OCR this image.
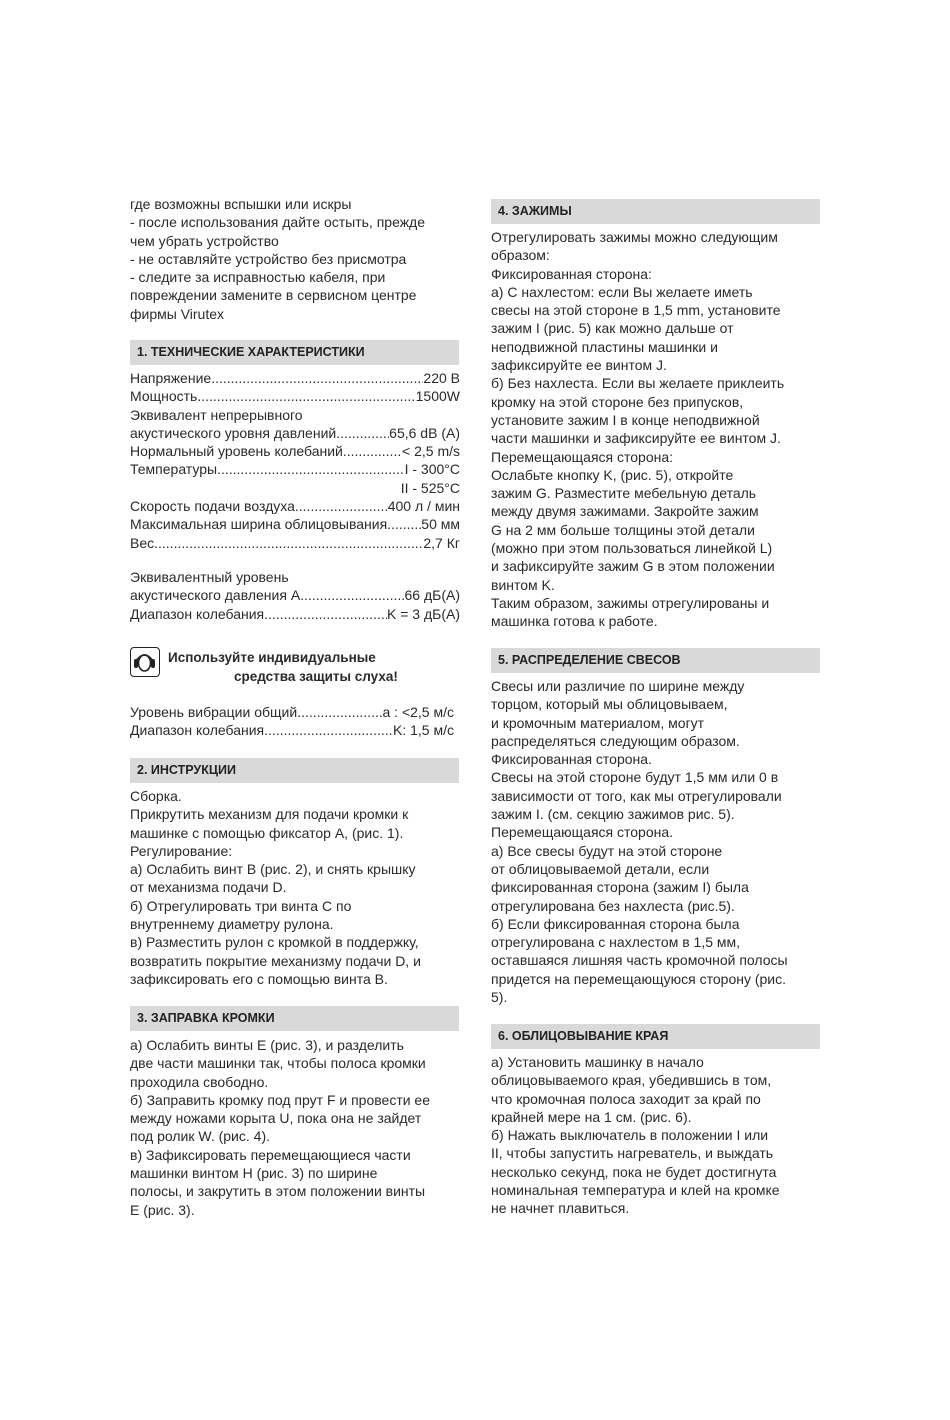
где возможны вспышки или искры
- после использования дайте остыть, прежде
чем убрать устройство
- не оставляйте устройство без присмотра
- следите за исправностью кабеля, при
повреждении замените в сервисном центре
фирмы Virutex
1. ТЕХНИЧЕСКИЕ ХАРАКТЕРИСТИКИ
Напряжение .....	220 В
Мощность .....	1500W
Эквивалент непрерывного
акустического уровня давлений .....	65,6 dB (A)
Нормальный уровень колебаний .....	< 2,5 m/s
Температуры .....	I - 300°C
II - 525°C
Скорость подачи воздуха .....	400 л / мин
Максимальная ширина облицовывания ..... 50 мм
Вес .....	2,7 Кг
Эквивалентный уровень
акустического давления A .....	66 дБ(A)
Диапазон колебания .....	K = 3 дБ(A)
Используйте индивидуальные
средства защиты слуха!
Уровень вибрации общий .....	a : <2,5 м/с
Диапазон колебания .....	K: 1,5 м/с
2. ИНСТРУКЦИИ
Сборка.
Прикрутить механизм для подачи кромки к
машинке с помощью фиксатор A, (рис. 1).
Регулирование:
а) Ослабить винт B (рис. 2), и снять крышку
от механизма подачи D.
б) Отрегулировать три винта C по
внутреннему диаметру рулона.
в) Разместить рулон с кромкой в поддержку,
возвратить покрытие механизму подачи D, и
зафиксировать его с помощью винта B.
3. ЗАПРАВКА КРОМКИ
а) Ослабить винты E (рис. 3), и разделить
две части машинки так, чтобы полоса кромки
проходила свободно.
б) Заправить кромку под прут F и провести ее
между ножами корыта U, пока она не зайдет
под ролик W. (рис. 4).
в) Зафиксировать перемещающиеся части
машинки винтом H (рис. 3) по ширине
полосы, и закрутить в этом положении винты
E (рис. 3).
4. ЗАЖИМЫ
Отрегулировать зажимы можно следующим
образом:
Фиксированная сторона:
а) С нахлестом: если Вы желаете иметь
свесы на этой стороне в 1,5 mm, установите
зажим I (рис. 5) как можно дальше от
неподвижной пластины машинки и
зафиксируйте ее винтом J.
б) Без нахлеста. Если вы желаете приклеить
кромку на этой стороне без припусков,
установите зажим I в конце неподвижной
части машинки и зафиксируйте ее винтом J.
Перемещающаяся сторона:
Ослабьте кнопку K, (рис. 5), откройте
зажим G. Разместите мебельную деталь
между двумя зажимами. Закройте зажим
G на 2 мм больше толщины этой детали
(можно при этом пользоваться линейкой L)
и зафиксируйте зажим G в этом положении
винтом K.
Таким образом, зажимы отрегулированы и
машинка готова к работе.
5. РАСПРЕДЕЛЕНИЕ СВЕСОВ
Свесы или различие по ширине между
торцом, который мы облицовываем,
и кромочным материалом, могут
распределяться следующим образом.
Фиксированная сторона.
Свесы на этой стороне будут 1,5 мм или 0 в
зависимости от того, как мы отрегулировали
зажим I. (см. секцию зажимов рис. 5).
Перемещающаяся сторона.
а) Все свесы будут на этой стороне
от облицовываемой детали, если
фиксированная сторона (зажим I) была
отрегулирована без нахлеста (рис.5).
б) Если фиксированная сторона была
отрегулирована с нахлестом в 1,5 мм,
оставшаяся лишняя часть кромочной полосы
придется на перемещающуюся сторону (рис.
5).
6. ОБЛИЦОВЫВАНИЕ КРАЯ
а) Установить машинку в начало
облицовываемого края, убедившись в том,
что кромочная полоса заходит за край по
крайней мере на 1 см. (рис. 6).
б) Нажать выключатель в положении I или
II, чтобы запустить нагреватель, и выждать
несколько секунд, пока не будет достигнута
номинальная температура и клей на кромке
не начнет плавиться.
